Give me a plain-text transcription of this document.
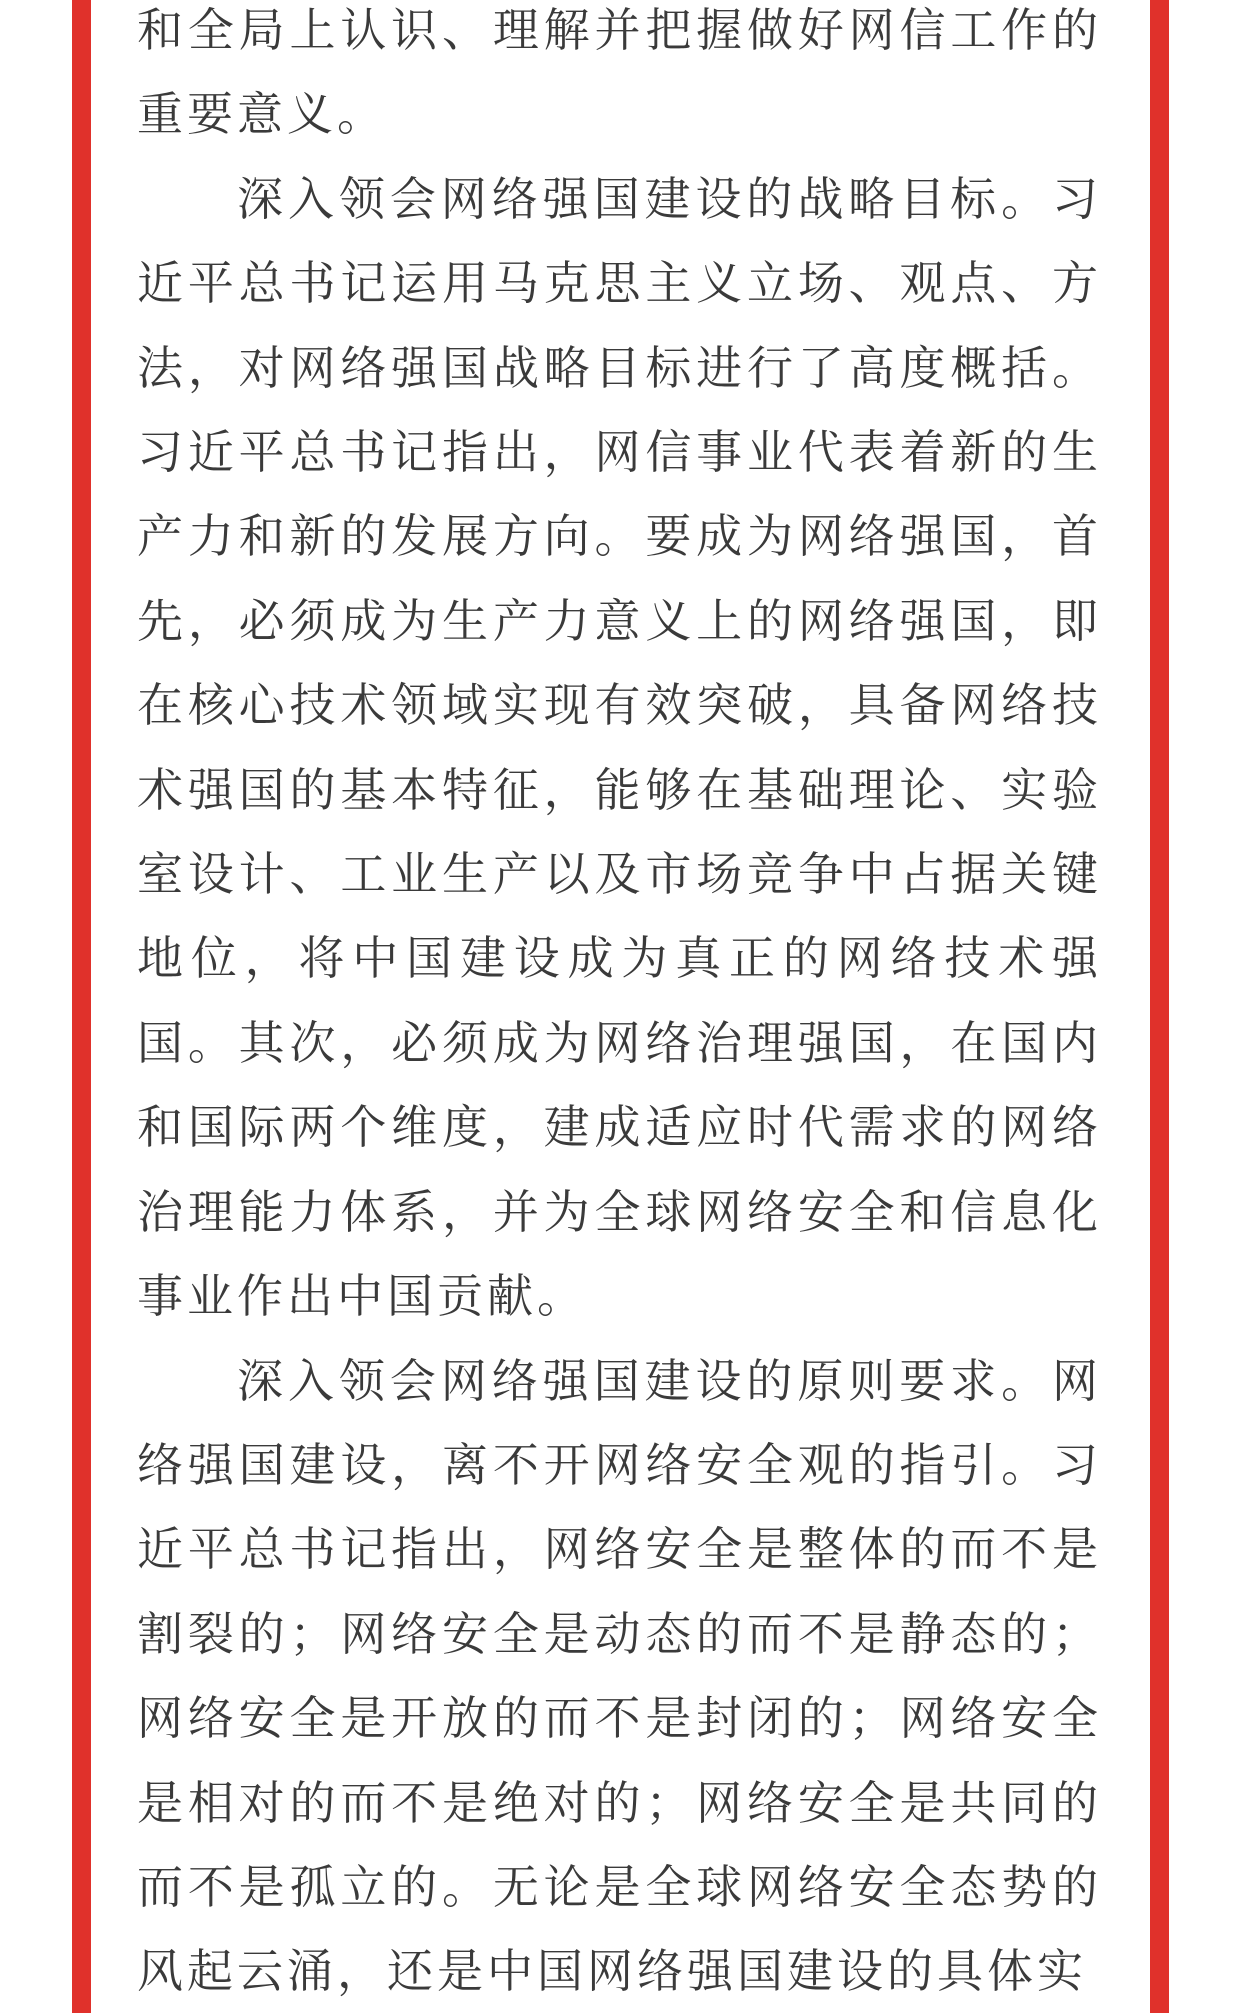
和全局上认识、理解并把握做好网信工作的重要意义。

深入领会网络强国建设的战略目标。习近平总书记运用马克思主义立场、观点、方法，对网络强国战略目标进行了高度概括。习近平总书记指出，网信事业代表着新的生产力和新的发展方向。要成为网络强国，首先，必须成为生产力意义上的网络强国，即在核心技术领域实现有效突破，具备网络技术强国的基本特征，能够在基础理论、实验室设计、工业生产以及市场竞争中占据关键地位，将中国建设成为真正的网络技术强国。其次，必须成为网络治理强国，在国内和国际两个维度，建成适应时代需求的网络治理能力体系，并为全球网络安全和信息化事业作出中国贡献。

深入领会网络强国建设的原则要求。网络强国建设，离不开网络安全观的指引。习近平总书记指出，网络安全是整体的而不是割裂的；网络安全是动态的而不是静态的；网络安全是开放的而不是封闭的；网络安全是相对的而不是绝对的；网络安全是共同的而不是孤立的。无论是全球网络安全态势的风起云涌，还是中国网络强国建设的具体实
